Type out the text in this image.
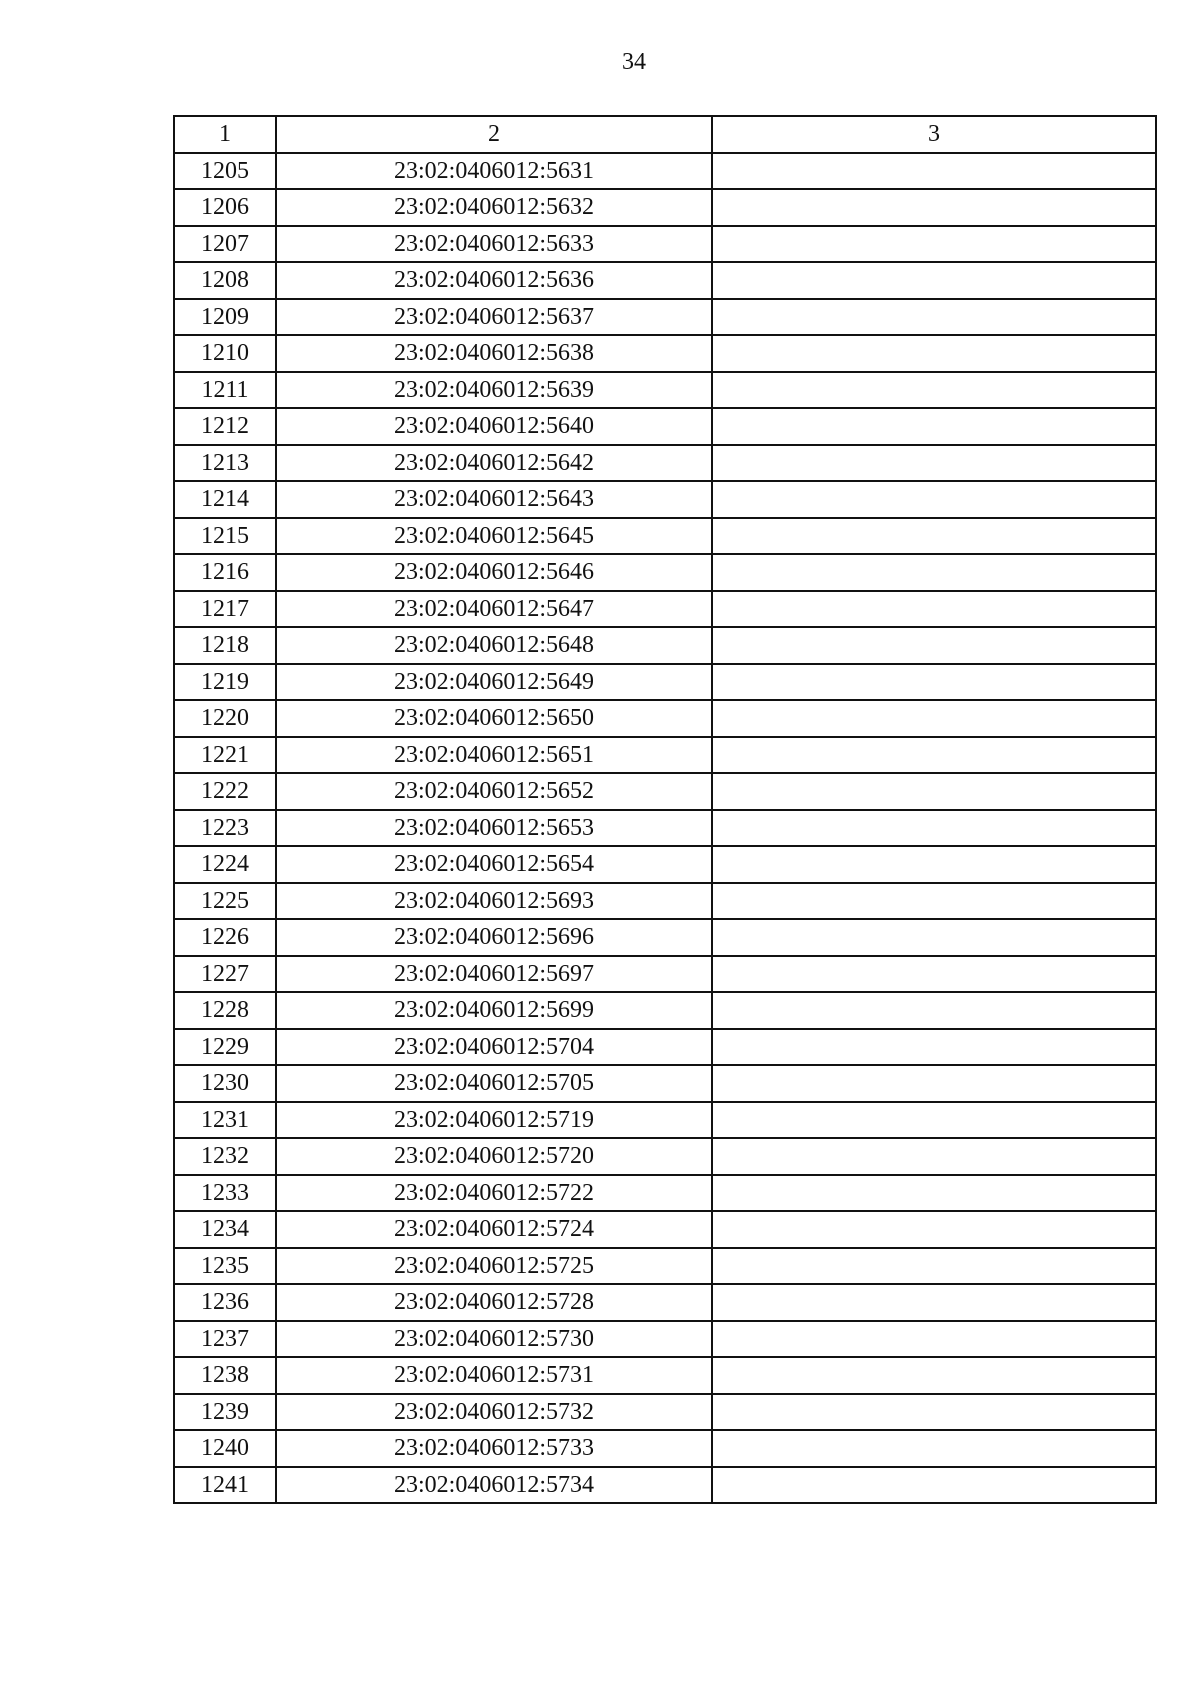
34
1	2	3
1205	23:02:0406012:5631	
1206	23:02:0406012:5632	
1207	23:02:0406012:5633	
1208	23:02:0406012:5636	
1209	23:02:0406012:5637	
1210	23:02:0406012:5638	
1211	23:02:0406012:5639	
1212	23:02:0406012:5640	
1213	23:02:0406012:5642	
1214	23:02:0406012:5643	
1215	23:02:0406012:5645	
1216	23:02:0406012:5646	
1217	23:02:0406012:5647	
1218	23:02:0406012:5648	
1219	23:02:0406012:5649	
1220	23:02:0406012:5650	
1221	23:02:0406012:5651	
1222	23:02:0406012:5652	
1223	23:02:0406012:5653	
1224	23:02:0406012:5654	
1225	23:02:0406012:5693	
1226	23:02:0406012:5696	
1227	23:02:0406012:5697	
1228	23:02:0406012:5699	
1229	23:02:0406012:5704	
1230	23:02:0406012:5705	
1231	23:02:0406012:5719	
1232	23:02:0406012:5720	
1233	23:02:0406012:5722	
1234	23:02:0406012:5724	
1235	23:02:0406012:5725	
1236	23:02:0406012:5728	
1237	23:02:0406012:5730	
1238	23:02:0406012:5731	
1239	23:02:0406012:5732	
1240	23:02:0406012:5733	
1241	23:02:0406012:5734	
